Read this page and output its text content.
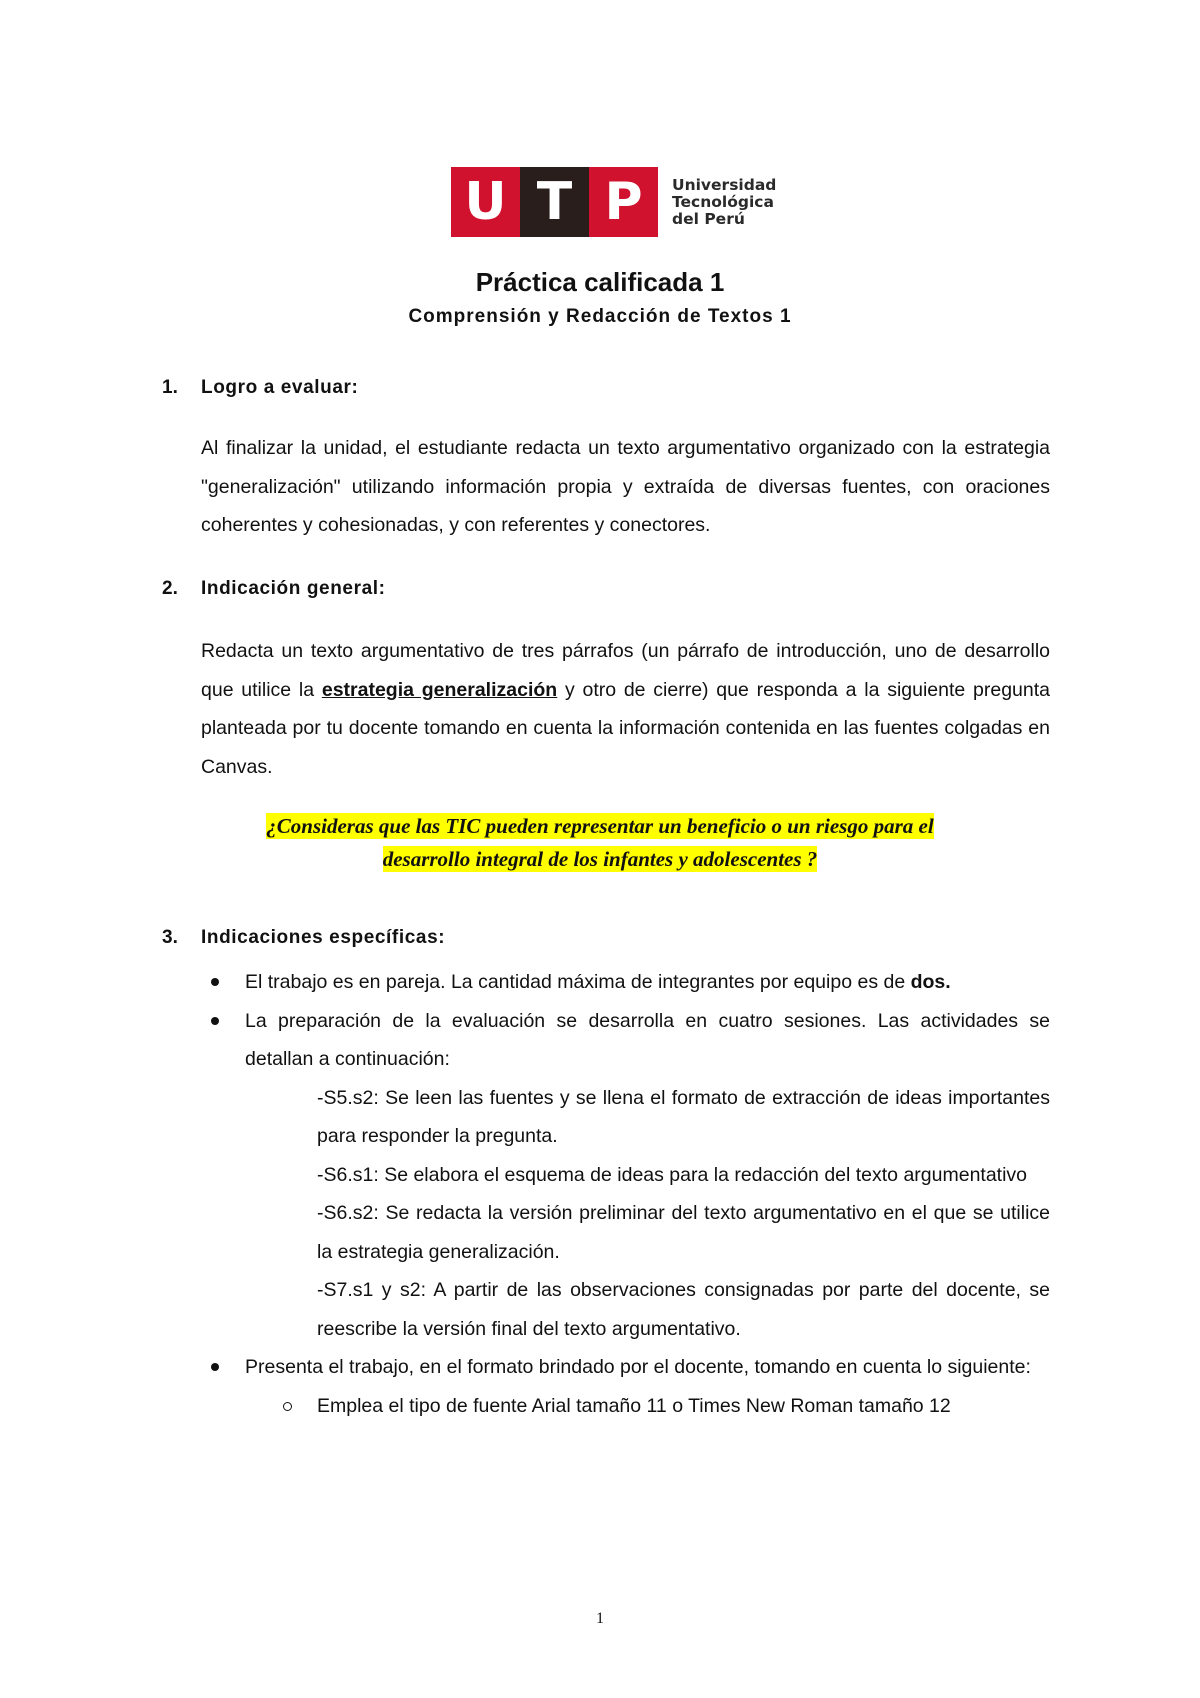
U T P	Universidad
Tecnológica
del Perú
Práctica calificada 1
Comprensión y Redacción de Textos 1
1. Logro a evaluar:

Al finalizar la unidad, el estudiante redacta un texto argumentativo organizado con la estrategia "generalización" utilizando información propia y extraída de diversas fuentes, con oraciones coherentes y cohesionadas, y con referentes y conectores.

2. Indicación general:

Redacta un texto argumentativo de tres párrafos (un párrafo de introducción, uno de desarrollo que utilice la estrategia generalización y otro de cierre) que responda a la siguiente pregunta planteada por tu docente tomando en cuenta la información contenida en las fuentes colgadas en Canvas.

¿Consideras que las TIC pueden representar un beneficio o un riesgo para el
desarrollo integral de los infantes y adolescentes ?
3. Indicaciones específicas:

El trabajo es en pareja. La cantidad máxima de integrantes por equipo es de dos.

La preparación de la evaluación se desarrolla en cuatro sesiones. Las actividades se detallan a continuación:

-S5.s2: Se leen las fuentes y se llena el formato de extracción de ideas importantes para responder la pregunta.

-S6.s1: Se elabora el esquema de ideas para la redacción del texto argumentativo

-S6.s2: Se redacta la versión preliminar del texto argumentativo en el que se utilice la estrategia generalización.

-S7.s1 y s2: A partir de las observaciones consignadas por parte del docente, se reescribe la versión final del texto argumentativo.

Presenta el trabajo, en el formato brindado por el docente, tomando en cuenta lo siguiente:

Emplea el tipo de fuente Arial tamaño 11 o Times New Roman tamaño 12

1
